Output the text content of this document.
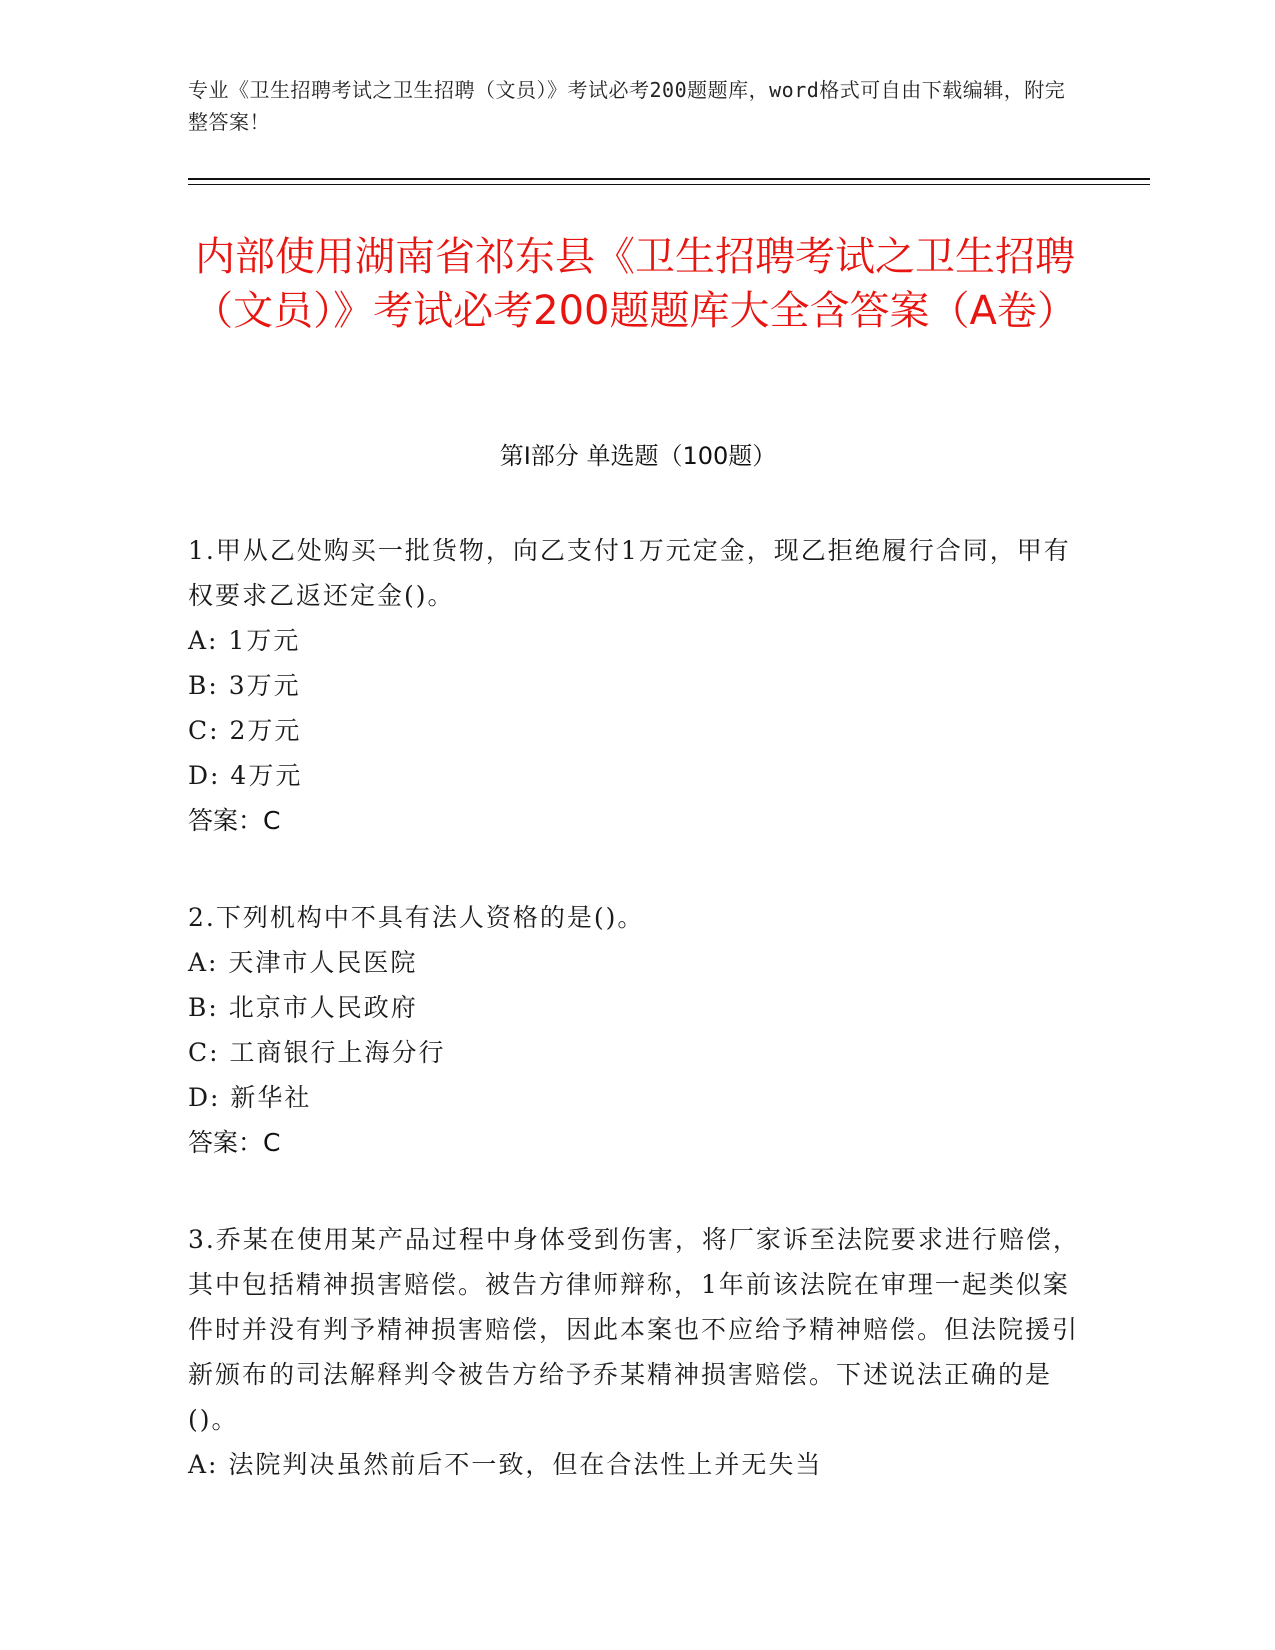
专业《卫生招聘考试之卫生招聘（文员）》考试必考200题题库，word格式可自由下载编辑，附完整答案！
内部使用湖南省祁东县《卫生招聘考试之卫生招聘（文员）》考试必考200题题库大全含答案（A卷）
第I部分 单选题（100题）

1.甲从乙处购买一批货物，向乙支付1万元定金，现乙拒绝履行合同，甲有权要求乙返还定金()。

A: 1万元

B: 3万元

C: 2万元

D: 4万元

答案：C

2.下列机构中不具有法人资格的是()。

A: 天津市人民医院

B: 北京市人民政府

C: 工商银行上海分行

D: 新华社

答案：C

3.乔某在使用某产品过程中身体受到伤害，将厂家诉至法院要求进行赔偿，其中包括精神损害赔偿。被告方律师辩称，1年前该法院在审理一起类似案件时并没有判予精神损害赔偿，因此本案也不应给予精神赔偿。但法院援引新颁布的司法解释判令被告方给予乔某精神损害赔偿。下述说法正确的是()。

A: 法院判决虽然前后不一致，但在合法性上并无失当
